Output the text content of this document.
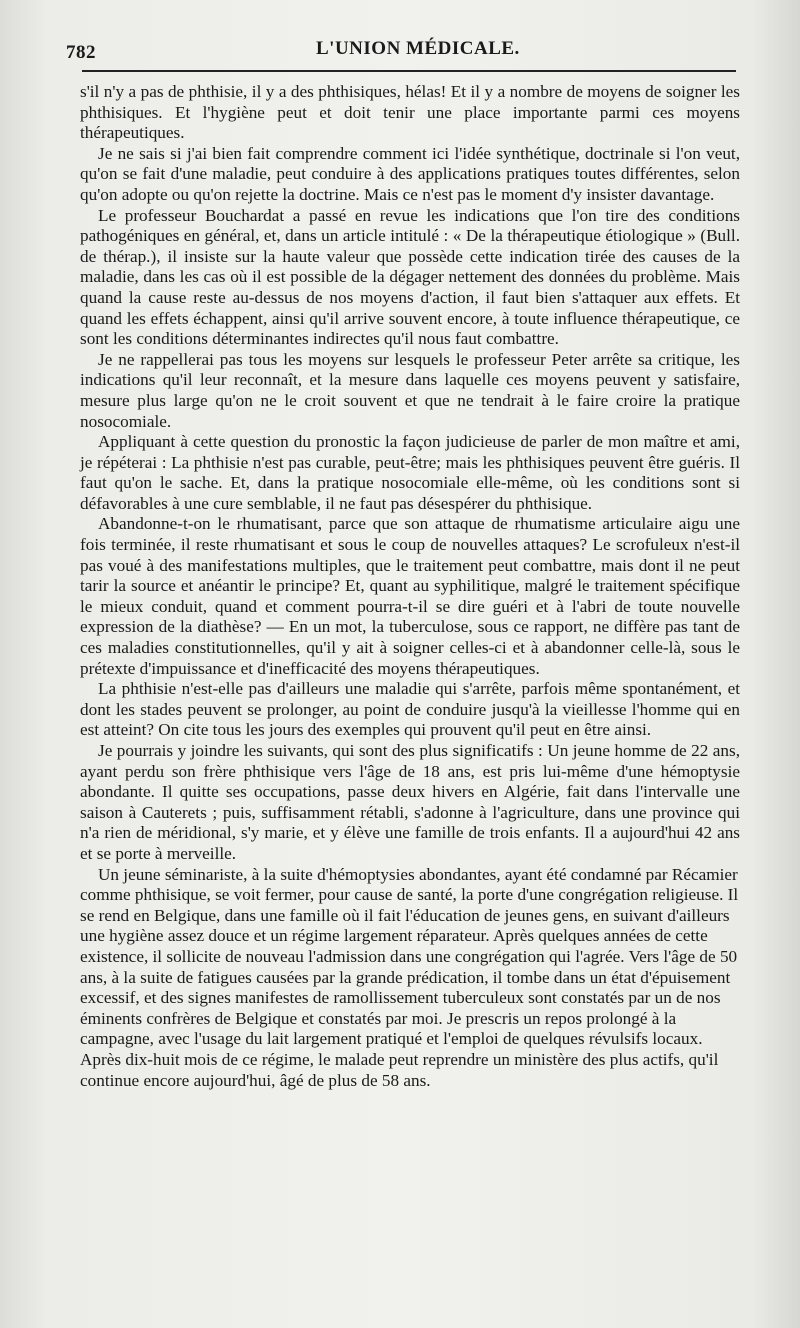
782	L'UNION MÉDICALE.

s'il n'y a pas de phthisie, il y a des phthisiques, hélas! Et il y a nombre de moyens de soigner les phthisiques. Et l'hygiène peut et doit tenir une place importante parmi ces moyens thérapeutiques.

Je ne sais si j'ai bien fait comprendre comment ici l'idée synthétique, doctrinale si l'on veut, qu'on se fait d'une maladie, peut conduire à des applications pratiques toutes différentes, selon qu'on adopte ou qu'on rejette la doctrine. Mais ce n'est pas le moment d'y insister davantage.

Le professeur Bouchardat a passé en revue les indications que l'on tire des conditions pathogéniques en général, et, dans un article intitulé : « De la thérapeutique étiologique » (Bull. de thérap.), il insiste sur la haute valeur que possède cette indication tirée des causes de la maladie, dans les cas où il est possible de la dégager nettement des données du problème. Mais quand la cause reste au-dessus de nos moyens d'action, il faut bien s'attaquer aux effets. Et quand les effets échappent, ainsi qu'il arrive souvent encore, à toute influence thérapeutique, ce sont les conditions déterminantes indirectes qu'il nous faut combattre.

Je ne rappellerai pas tous les moyens sur lesquels le professeur Peter arrête sa critique, les indications qu'il leur reconnaît, et la mesure dans laquelle ces moyens peuvent y satisfaire, mesure plus large qu'on ne le croit souvent et que ne tendrait à le faire croire la pratique nosocomiale.

Appliquant à cette question du pronostic la façon judicieuse de parler de mon maître et ami, je répéterai : La phthisie n'est pas curable, peut-être; mais les phthisiques peuvent être guéris. Il faut qu'on le sache. Et, dans la pratique nosocomiale elle-même, où les conditions sont si défavorables à une cure semblable, il ne faut pas désespérer du phthisique.

Abandonne-t-on le rhumatisant, parce que son attaque de rhumatisme articulaire aigu une fois terminée, il reste rhumatisant et sous le coup de nouvelles attaques? Le scrofuleux n'est-il pas voué à des manifestations multiples, que le traitement peut combattre, mais dont il ne peut tarir la source et anéantir le principe? Et, quant au syphilitique, malgré le traitement spécifique le mieux conduit, quand et comment pourra-t-il se dire guéri et à l'abri de toute nouvelle expression de la diathèse? — En un mot, la tuberculose, sous ce rapport, ne diffère pas tant de ces maladies constitutionnelles, qu'il y ait à soigner celles-ci et à abandonner celle-là, sous le prétexte d'impuissance et d'inefficacité des moyens thérapeutiques.

La phthisie n'est-elle pas d'ailleurs une maladie qui s'arrête, parfois même spontanément, et dont les stades peuvent se prolonger, au point de conduire jusqu'à la vieillesse l'homme qui en est atteint? On cite tous les jours des exemples qui prouvent qu'il peut en être ainsi.

Je pourrais y joindre les suivants, qui sont des plus significatifs : Un jeune homme de 22 ans, ayant perdu son frère phthisique vers l'âge de 18 ans, est pris lui-même d'une hémoptysie abondante. Il quitte ses occupations, passe deux hivers en Algérie, fait dans l'intervalle une saison à Cauterets ; puis, suffisamment rétabli, s'adonne à l'agriculture, dans une province qui n'a rien de méridional, s'y marie, et y élève une famille de trois enfants. Il a aujourd'hui 42 ans et se porte à merveille.

Un jeune séminariste, à la suite d'hémoptysies abondantes, ayant été condamné par Récamier comme phthisique, se voit fermer, pour cause de santé, la porte d'une congrégation religieuse. Il se rend en Belgique, dans une famille où il fait l'éducation de jeunes gens, en suivant d'ailleurs une hygiène assez douce et un régime largement réparateur. Après quelques années de cette existence, il sollicite de nouveau l'admission dans une congrégation qui l'agrée. Vers l'âge de 50 ans, à la suite de fatigues causées par la grande prédication, il tombe dans un état d'épuisement excessif, et des signes manifestes de ramollissement tuberculeux sont constatés par un de nos éminents confrères de Belgique et constatés par moi. Je prescris un repos prolongé à la campagne, avec l'usage du lait largement pratiqué et l'emploi de quelques révulsifs locaux. Après dix-huit mois de ce régime, le malade peut reprendre un ministère des plus actifs, qu'il continue encore aujourd'hui, âgé de plus de 58 ans.
